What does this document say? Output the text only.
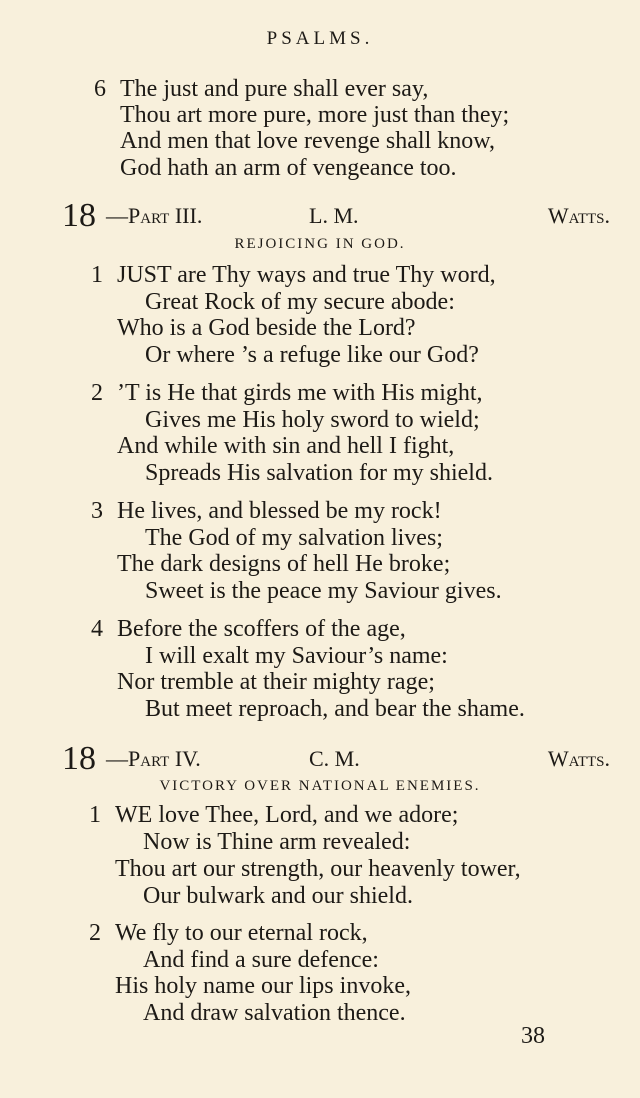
PSALMS.
6 The just and pure shall ever say,
Thou art more pure, more just than they;
And men that love revenge shall know,
God hath an arm of vengeance too.
18 —Part III.	L. M.	Watts.
REJOICING IN GOD.
1 JUST are Thy ways and true Thy word,
Great Rock of my secure abode:
Who is a God beside the Lord?
Or where ’s a refuge like our God?
2 ’T is He that girds me with His might,
Gives me His holy sword to wield;
And while with sin and hell I fight,
Spreads His salvation for my shield.
3 He lives, and blessed be my rock!
The God of my salvation lives;
The dark designs of hell He broke;
Sweet is the peace my Saviour gives.
4 Before the scoffers of the age,
I will exalt my Saviour’s name:
Nor tremble at their mighty rage;
But meet reproach, and bear the shame.
18 —Part IV.	C. M.	Watts.
VICTORY OVER NATIONAL ENEMIES.
1 WE love Thee, Lord, and we adore;
Now is Thine arm revealed:
Thou art our strength, our heavenly tower,
Our bulwark and our shield.
2 We fly to our eternal rock,
And find a sure defence:
His holy name our lips invoke,
And draw salvation thence.
38
